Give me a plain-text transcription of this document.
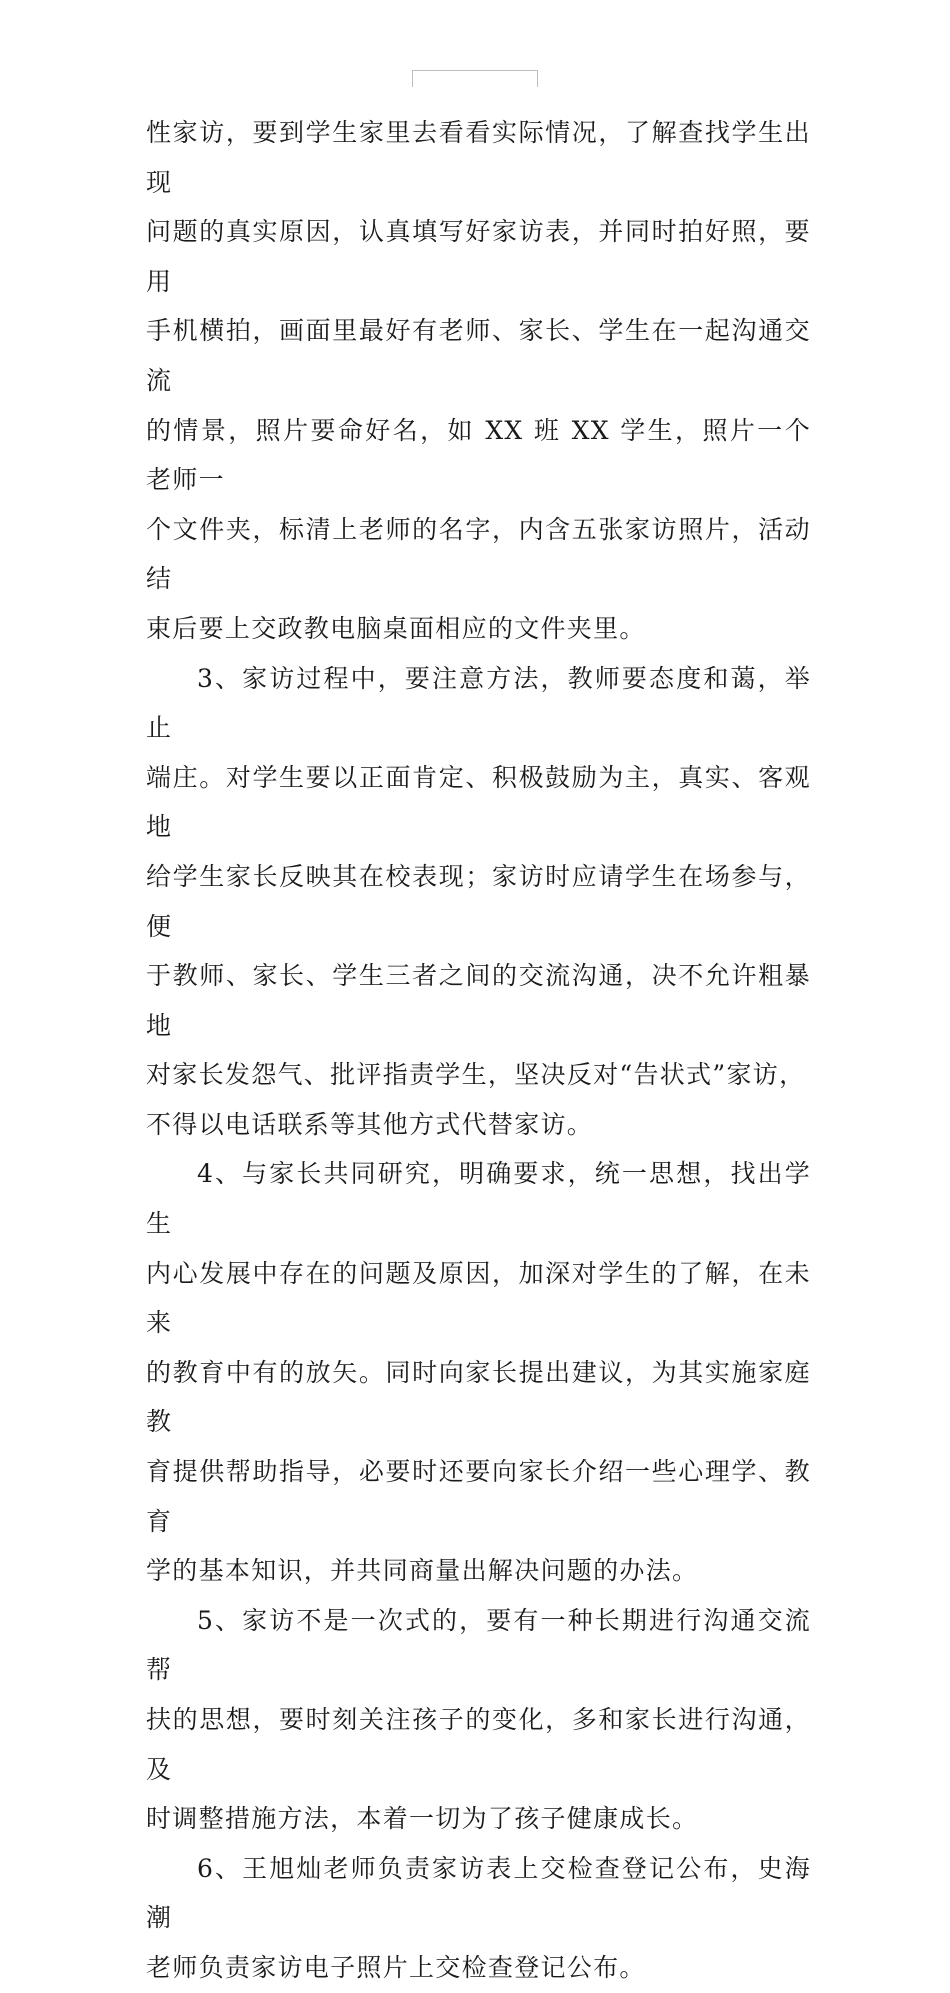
性家访，要到学生家里去看看实际情况，了解查找学生出现
问题的真实原因，认真填写好家访表，并同时拍好照，要用
手机横拍，画面里最好有老师、家长、学生在一起沟通交流
的情景，照片要命好名，如 XX 班 XX 学生，照片一个老师一
个文件夹，标清上老师的名字，内含五张家访照片，活动结
束后要上交政教电脑桌面相应的文件夹里。

3、家访过程中，要注意方法，教师要态度和蔼，举止
端庄。对学生要以正面肯定、积极鼓励为主，真实、客观地
给学生家长反映其在校表现；家访时应请学生在场参与，便
于教师、家长、学生三者之间的交流沟通，决不允许粗暴地
对家长发怨气、批评指责学生，坚决反对“告状式”家访，
不得以电话联系等其他方式代替家访。

4、与家长共同研究，明确要求，统一思想，找出学生
内心发展中存在的问题及原因，加深对学生的了解，在未来
的教育中有的放矢。同时向家长提出建议，为其实施家庭教
育提供帮助指导，必要时还要向家长介绍一些心理学、教育
学的基本知识，并共同商量出解决问题的办法。

5、家访不是一次式的，要有一种长期进行沟通交流帮
扶的思想，要时刻关注孩子的变化，多和家长进行沟通，及
时调整措施方法，本着一切为了孩子健康成长。

6、王旭灿老师负责家访表上交检查登记公布，史海潮
老师负责家访电子照片上交检查登记公布。
